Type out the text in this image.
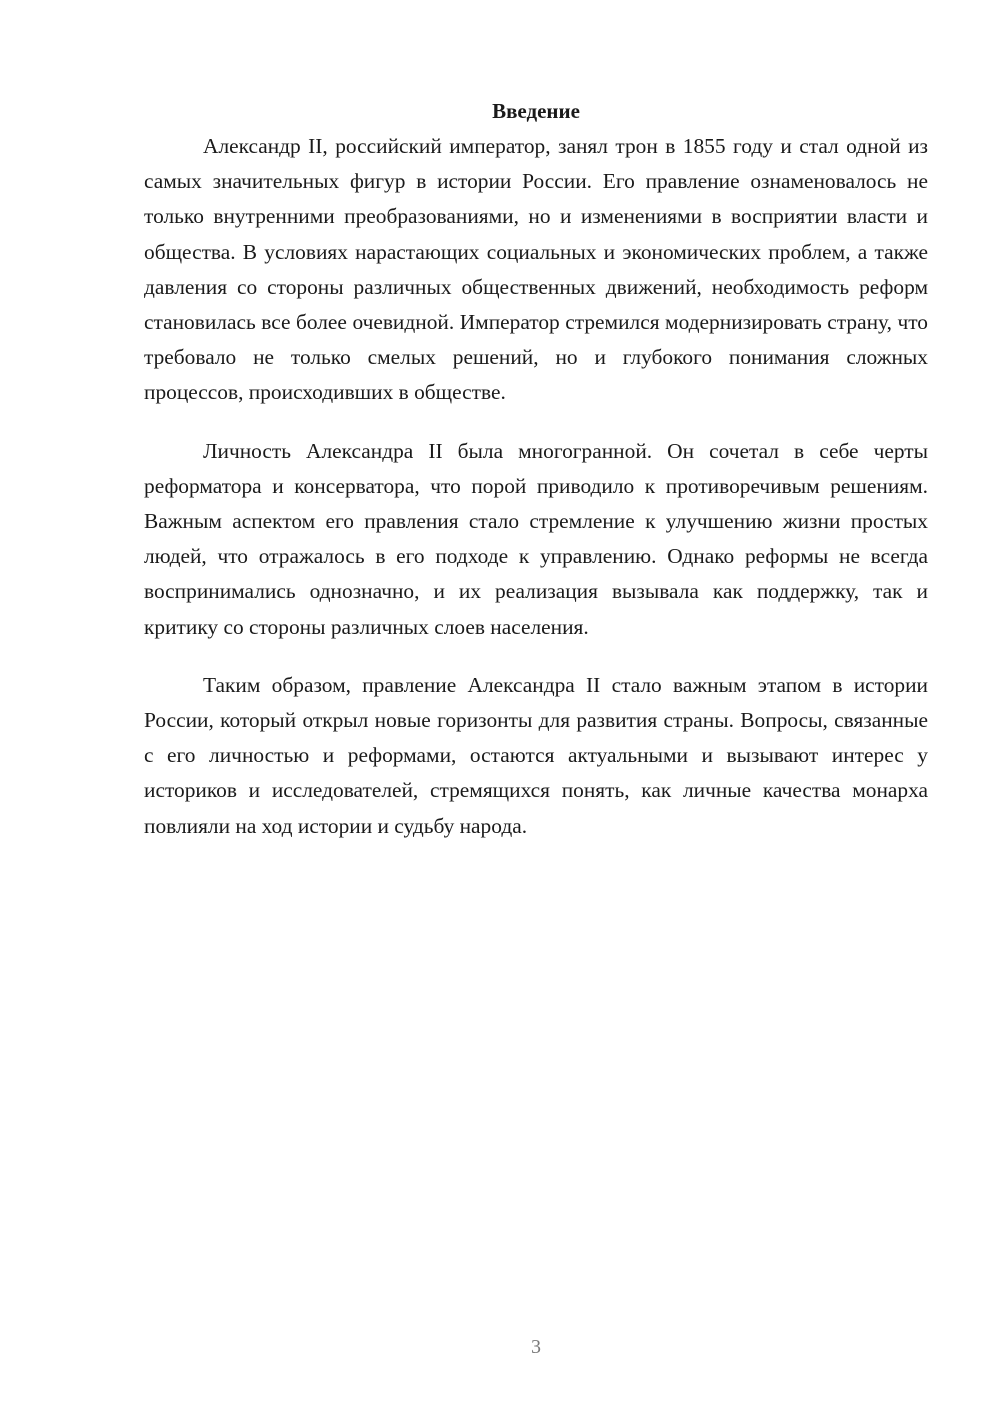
Введение

Александр II, российский император, занял трон в 1855 году и стал одной из самых значительных фигур в истории России. Его правление ознаменовалось не только внутренними преобразованиями, но и изменениями в восприятии власти и общества. В условиях нарастающих социальных и экономических проблем, а также давления со стороны различных общественных движений, необходимость реформ становилась все более очевидной. Император стремился модернизировать страну, что требовало не только смелых решений, но и глубокого понимания сложных процессов, происходивших в обществе.

Личность Александра II была многогранной. Он сочетал в себе черты реформатора и консерватора, что порой приводило к противоречивым решениям. Важным аспектом его правления стало стремление к улучшению жизни простых людей, что отражалось в его подходе к управлению. Однако реформы не всегда воспринимались однозначно, и их реализация вызывала как поддержку, так и критику со стороны различных слоев населения.

Таким образом, правление Александра II стало важным этапом в истории России, который открыл новые горизонты для развития страны. Вопросы, связанные с его личностью и реформами, остаются актуальными и вызывают интерес у историков и исследователей, стремящихся понять, как личные качества монарха повлияли на ход истории и судьбу народа.

3
